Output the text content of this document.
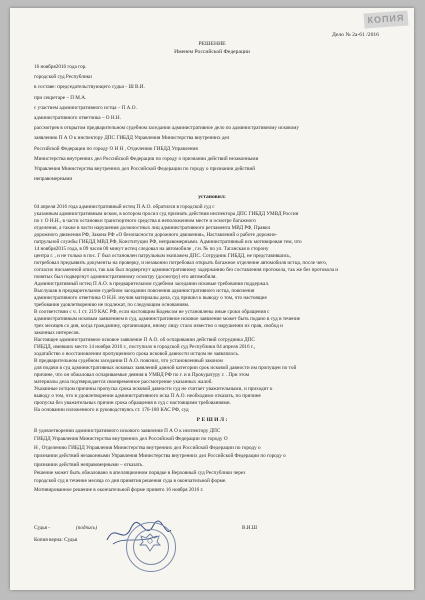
КОПИЯ
Дело № 2а-61 /2016
РЕШЕНИЕ
Именем Российской Федерации
16 ноября2016 года гор.
городской суд Республики
в составе: председательствующего судьи - Ш В.И.
при секретаре – П М.А.
с участием административного истца – П А.О.
административного ответчика – О Н.Н.
рассмотрев в открытом предварительном судебном заседании административное дело по административному исковому
заявлению П А О к инспектору ДПС ГИБДД Управления Министерства внутренних дел
Российской Федерации по городу О Н Н , Отделению ГИБДД Управления
Министерства внутренних дел Российской Федерации по городу о признании действий незаконными
Управления Министерства внутренних дел Российской Федерации по городу о признании действий
неправомерными
установил:
04 апреля 2016 года административный истец П А.О. обратился в городской суд с
указанным административным иском, в котором просил суд признать действия инспектора ДПС ГИБДД УМВД России
по г. О Н.Н., в части остановки транспортного средства в неположенном месте и осмотре багажного
отделения, а также в части нарушения должностных лиц административного регламента МВД РФ, Правил
дорожного движения РФ, Закона РФ «О безопасности дорожного движения», Наставлений о работе дорожно-
патрульной службы ГИБДД МВД РФ, Конституции РФ, неправомерными. Административный иск мотивирован тем, что
14 ноября2015 года, в 09 часов 00 минут истец следовал на автомобиле , г.н. № по ул. Таганская в сторону
центра г. , и не только в пос. Г был остановлен патрульным экипажем ДПС. Сотрудник ГИБДД, не представившись,
потребовал предъявить документы на проверку, и незаконно потребовал открыть багажное отделение автомобиля истца, после чего,
согласно письменной описи, так как был подвергнут административному задержанию без составления протокола, так же без протокола и
понятых был подвергнут административному осмотру (досмотру) его автомобиля.
Административный истец П А.О. в предварительном судебном заседании исковые требования поддержал.
Выслушав в предварительном судебном заседании пояснения административного истца, пояснения
административного ответчика О Н.Н. изучив материалы дела, суд пришел к выводу о том, что настоящие
требования удовлетворению не подлежат, по следующим основаниям.
В соответствии с ч. 1 ст. 219 КАС РФ, если настоящим Кодексом не установлены иные сроки обращения с
административным исковым заявлением в суд, административное исковое заявление может быть подано в суд в течение
трех месяцев со дня, когда гражданину, организации, иному лицу стало известно о нарушении их прав, свобод и
законных интересов.
Настоящее административное исковое заявление П А.О. об оспаривании действий сотрудника ДПС
ГИБДД, имевших место 14 ноября 2016 г., поступило в городской суд Республики 04 апреля 2016 г.,
ходатайство о восстановлении пропущенного срока исковой давности истцом не заявлялось.
В предварительном судебном заседании П А.О. пояснил, что установленный законом
для подачи в суд административных исковых заявлений данной категории срок исковой давности им пропущен по той
причине, что он обжаловал оспариваемые деяния в УМВД РФ по г. и в Прокуратуру г. . При этом
материалы дела подтверждается своевременное рассмотрение указанных жалоб.
Указанные истцом причины пропуска срока исковой давности суд не считает уважительными, и приходит к
выводу о том, что в удовлетворении административного иска П А.О. необходимо отказать, по причине
пропуска без уважительных причин срока обращения в суд с настоящими требованиями.
На основании изложенного и руководствуясь ст. 176-180 КАС РФ, суд
Р Е Ш И Л :
В удовлетворении административного искового заявления П А О к инспектору ДПС
ГИБДД Управления Министерства внутренних дел Российской Федерации по городу О
Н , Отделению ГИБДД Управления Министерства внутренних дел Российской Федерации по городу о
признании действий незаконными Управления Министерства внутренних дел Российской Федерации по городу о
признании действий неправомерными – отказать.
Решение может быть обжаловано в апелляционном порядке в Верховный суд Республики через
городской суд в течение месяца со дня принятия решения суда в окончательной форме.
Мотивированное решение в окончательной форме принято 16 ноября 2016 г.
Судья -	(подпись)
Копия верна: Судья
В.И.Ш
